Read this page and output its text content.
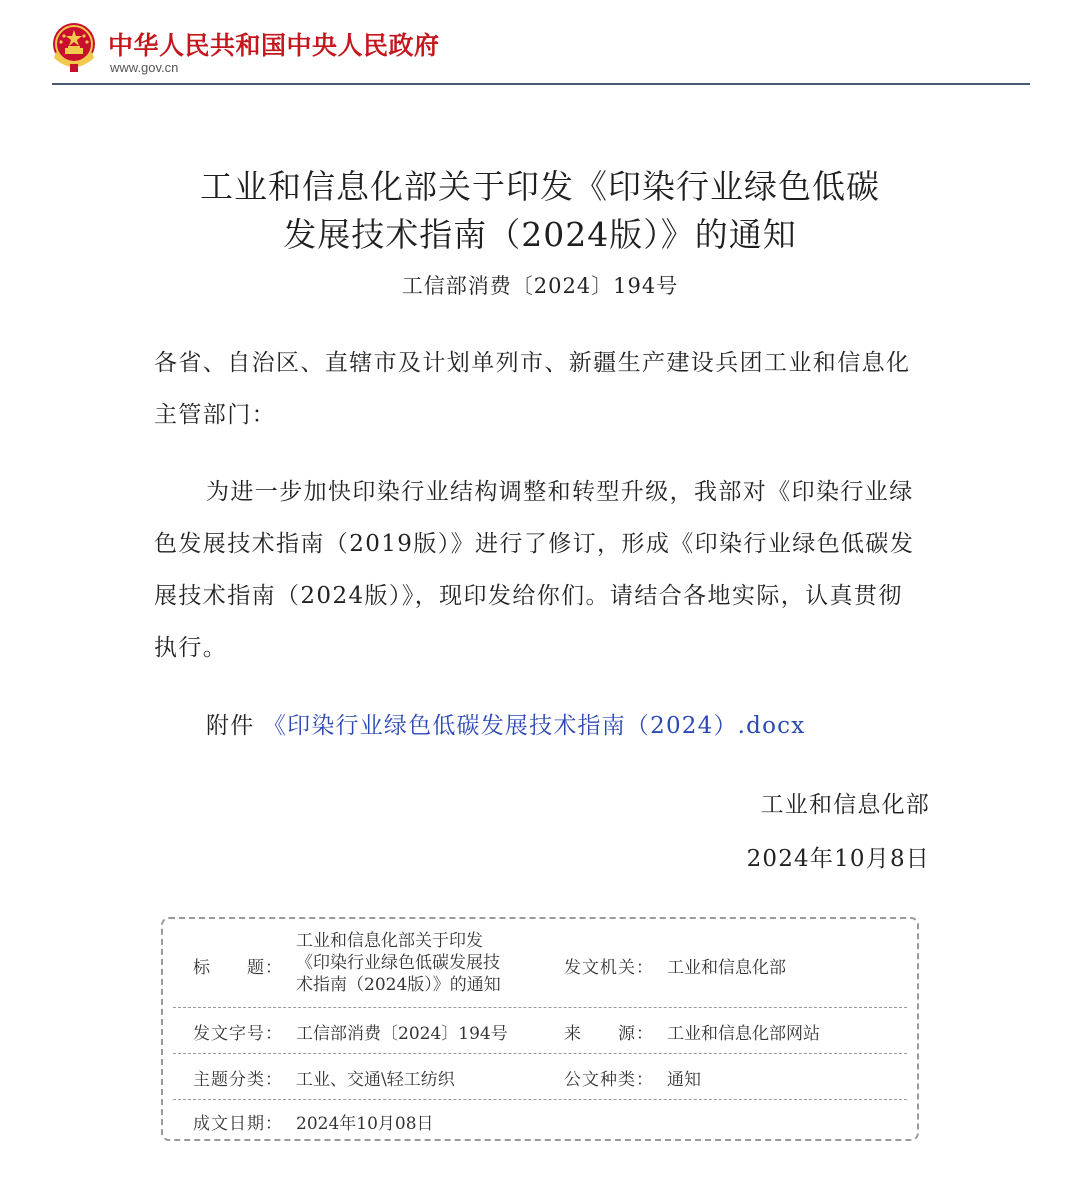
中华人民共和国中央人民政府
www.gov.cn
工业和信息化部关于印发《印染行业绿色低碳
发展技术指南（2024版）》的通知
工信部消费〔2024〕194号
各省、自治区、直辖市及计划单列市、新疆生产建设兵团工业和信息化主管部门：
为进一步加快印染行业结构调整和转型升级，我部对《印染行业绿色发展技术指南（2019版）》进行了修订，形成《印染行业绿色低碳发展技术指南（2024版）》，现印发给你们。请结合各地实际，认真贯彻执行。
附件 《印染行业绿色低碳发展技术指南（2024）.docx
工业和信息化部
2024年10月8日
标　　题：
工业和信息化部关于印发
《印染行业绿色低碳发展技
术指南（2024版）》的通知
发文机关： 工业和信息化部
发文字号： 工信部消费〔2024〕194号	来　　源： 工业和信息化部网站
主题分类： 工业、交通\轻工纺织	公文种类： 通知
成文日期： 2024年10月08日
